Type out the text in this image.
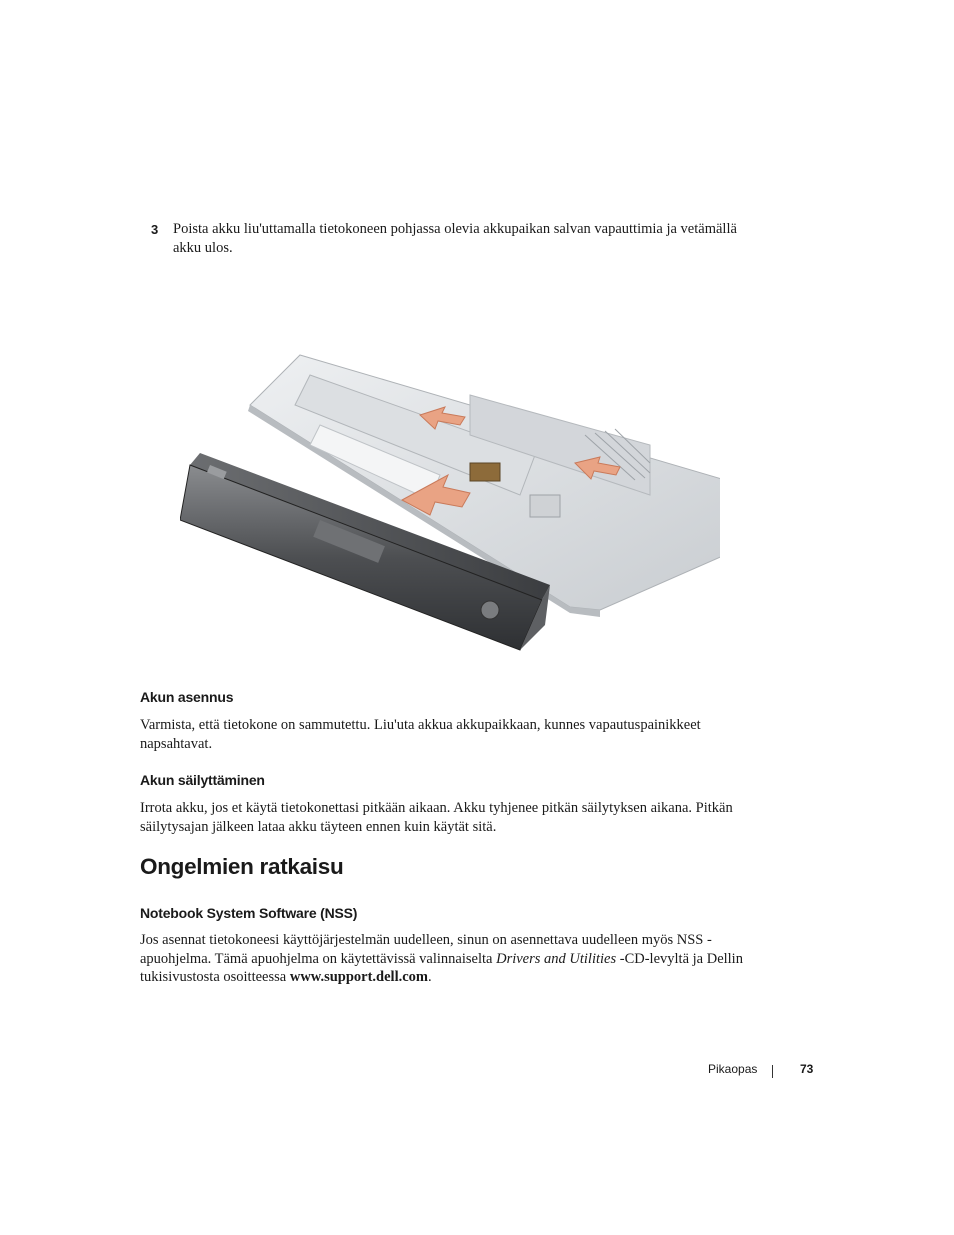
3 Poista akku liu'uttamalla tietokoneen pohjassa olevia akkupaikan salvan vapauttimia ja vetämällä akku ulos.
Akun asennus
Varmista, että tietokone on sammutettu. Liu'uta akkua akkupaikkaan, kunnes vapautuspainikkeet napsahtavat.
Akun säilyttäminen
Irrota akku, jos et käytä tietokonettasi pitkään aikaan. Akku tyhjenee pitkän säilytyksen aikana. Pitkän säilytysajan jälkeen lataa akku täyteen ennen kuin käytät sitä.
Ongelmien ratkaisu
Notebook System Software (NSS)
Jos asennat tietokoneesi käyttöjärjestelmän uudelleen, sinun on asennettava uudelleen myös NSS -apuohjelma. Tämä apuohjelma on käytettävissä valinnaiselta Drivers and Utilities -CD-levyltä ja Dellin tukisivustosta osoitteessa www.support.dell.com.
Pikaopas	73
